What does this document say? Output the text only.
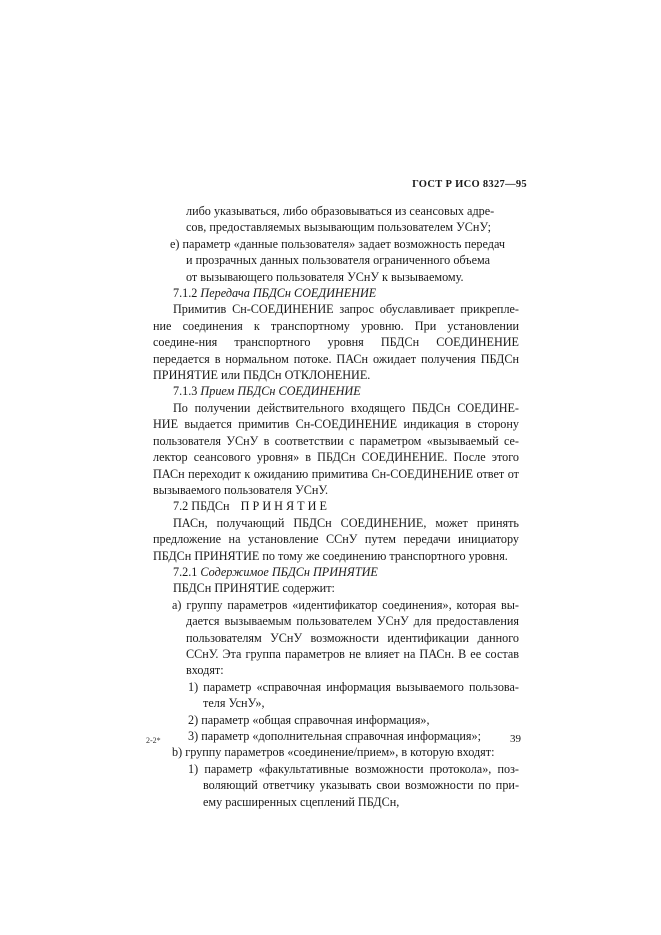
ГОСТ Р ИСО 8327—95

либо указываться, либо образовываться из сеансовых адре-

сов, предоставляемых вызывающим пользователем УСнУ;

е) параметр «данные пользователя» задает возможность передач

и прозрачных данных пользователя ограниченного объема

от вызывающего пользователя УСнУ к вызываемому.

7.1.2 Передача ПБДСн СОЕДИНЕНИЕ

Примитив Сн-СОЕДИНЕНИЕ запрос обуславливает прикрепле-ние соединения к транспортному уровню. При установлении соедине-ния транспортного уровня ПБДСн СОЕДИНЕНИЕ передается в нормальном потоке. ПАСн ожидает получения ПБДСн ПРИНЯТИЕ или ПБДСн ОТКЛОНЕНИЕ.

7.1.3 Прием ПБДСн СОЕДИНЕНИЕ

По получении действительного входящего ПБДСн СОЕДИНЕ-НИЕ выдается примитив Сн-СОЕДИНЕНИЕ индикация в сторону пользователя УСнУ в соответствии с параметром «вызываемый се-лектор сеансового уровня» в ПБДСн СОЕДИНЕНИЕ. После этого ПАСн переходит к ожиданию примитива Сн-СОЕДИНЕНИЕ ответ от вызываемого пользователя УСнУ.

7.2 ПБДСн П Р И Н Я Т И Е

ПАСн, получающий ПБДСн СОЕДИНЕНИЕ, может принять предложение на установление ССнУ путем передачи инициатору ПБДСн ПРИНЯТИЕ по тому же соединению транспортного уровня.

7.2.1 Содержимое ПБДСн ПРИНЯТИЕ

ПБДСн ПРИНЯТИЕ содержит:

а) группу параметров «идентификатор соединения», которая вы-дается вызываемым пользователем УСнУ для предоставления пользователям УСнУ возможности идентификации данного ССнУ. Эта группа параметров не влияет на ПАСн. В ее состав входят:

1) параметр «справочная информация вызываемого пользова-теля УснУ»,

2) параметр «общая справочная информация»,

3) параметр «дополнительная справочная информация»;

b) группу параметров «соединение/прием», в которую входят:

1) параметр «факультативные возможности протокола», поз-воляющий ответчику указывать свои возможности по при-ему расширенных сцеплений ПБДСн,

2-2*	39
